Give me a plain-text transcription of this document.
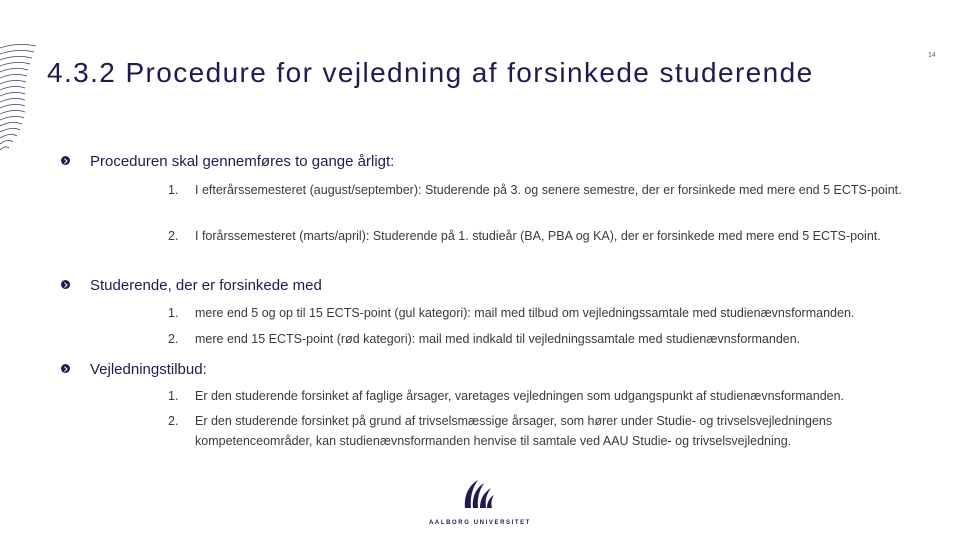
14
4.3.2 Procedure for vejledning af forsinkede studerende
Proceduren skal gennemføres to gange årligt:
1. I efterårssemesteret (august/september): Studerende på 3. og senere semestre, der er forsinkede med mere end 5 ECTS-point.
2. I forårssemesteret (marts/april): Studerende på 1. studieår (BA, PBA og KA), der er forsinkede med mere end 5 ECTS-point.
Studerende, der er forsinkede med
1. mere end 5 og op til 15 ECTS-point (gul kategori): mail med tilbud om vejledningssamtale med studienævnsformanden.
2. mere end 15 ECTS-point (rød kategori): mail med indkald til vejledningssamtale med studienævnsformanden.
Vejledningstilbud:
1. Er den studerende forsinket af faglige årsager, varetages vejledningen som udgangspunkt af studienævnsformanden.
2. Er den studerende forsinket på grund af trivselsmæssige årsager, som hører under Studie- og trivselsvejledningens kompetenceområder, kan studienævnsformanden henvise til samtale ved AAU Studie- og trivselsvejledning.
AALBORG UNIVERSITET
